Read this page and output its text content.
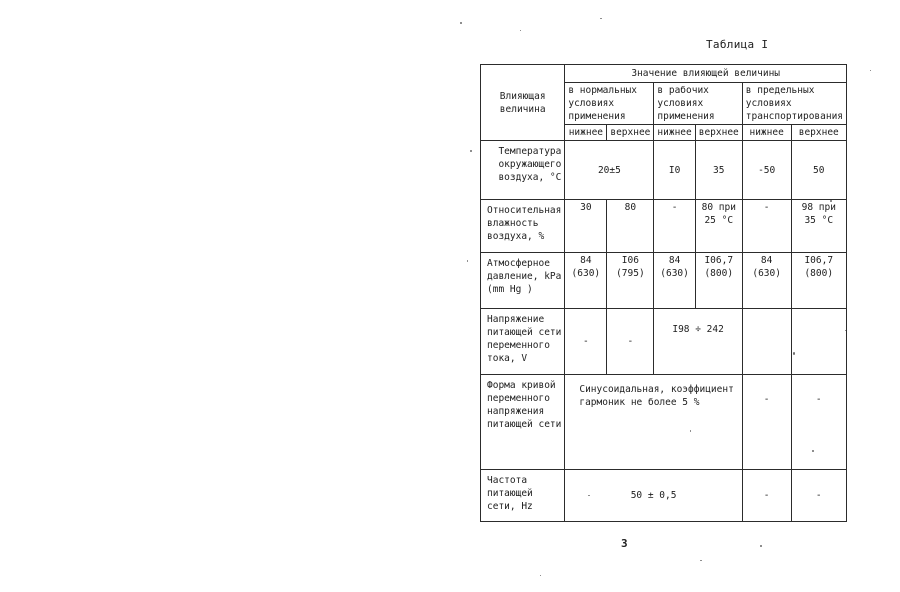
Таблица I
Влияющая величина	Значение влияющей величины					
	в нормальных условиях применения		в рабочих условиях применения		в предельных условиях транспортирования	
	нижнее	верхнее	нижнее	верхнее	нижнее	верхнее
Температура окружающего воздуха, °C	20±5		I0	35	-50	50
Относительная влажность воздуха, %	30	80	-	80 при 25 °C	-	98 при 35 °C
Атмосферное давление, kPa (mm Hg )	84 (630)	I06 (795)	84 (630)	I06,7 (800)	84 (630)	I06,7 (800)
Напряжение питающей сети переменного тока, V	-	-	I98 ÷ 242			
Форма кривой переменного напряжения питающей сети	Синусоидальная, коэффициент гармоник не более 5 %				-	-
Частота питающей сети, Hz	50 ± 0,5				-	-
3
